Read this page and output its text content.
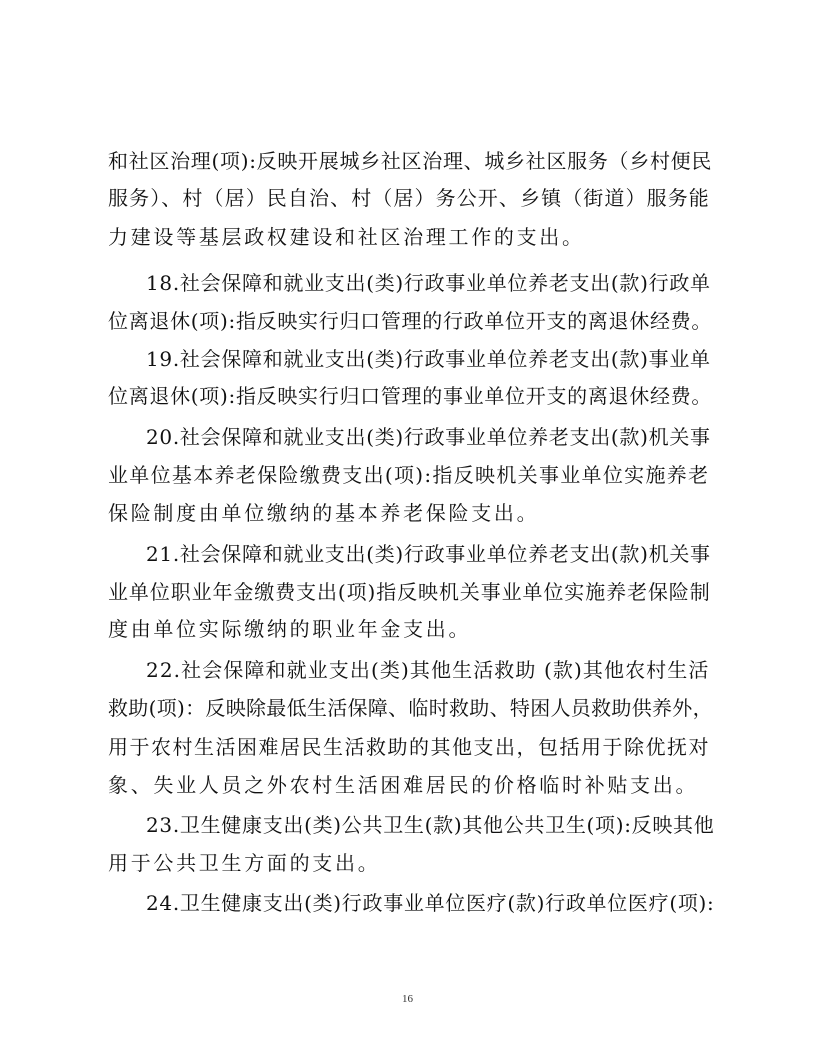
和社区治理(项):反映开展城乡社区治理、城乡社区服务（乡村便民
服务）、村（居）民自治、村（居）务公开、乡镇（街道）服务能
力建设等基层政权建设和社区治理工作的支出。
18.社会保障和就业支出(类)行政事业单位养老支出(款)行政单
位离退休(项):指反映实行归口管理的行政单位开支的离退休经费。
19.社会保障和就业支出(类)行政事业单位养老支出(款)事业单
位离退休(项):指反映实行归口管理的事业单位开支的离退休经费。
20.社会保障和就业支出(类)行政事业单位养老支出(款)机关事
业单位基本养老保险缴费支出(项):指反映机关事业单位实施养老
保险制度由单位缴纳的基本养老保险支出。
21.社会保障和就业支出(类)行政事业单位养老支出(款)机关事
业单位职业年金缴费支出(项)指反映机关事业单位实施养老保险制
度由单位实际缴纳的职业年金支出。
22.社会保障和就业支出(类)其他生活救助 (款)其他农村生活
救助(项)：反映除最低生活保障、临时救助、特困人员救助供养外，
用于农村生活困难居民生活救助的其他支出，包括用于除优抚对
象、失业人员之外农村生活困难居民的价格临时补贴支出。
23.卫生健康支出(类)公共卫生(款)其他公共卫生(项):反映其他
用于公共卫生方面的支出。
24.卫生健康支出(类)行政事业单位医疗(款)行政单位医疗(项):
16
